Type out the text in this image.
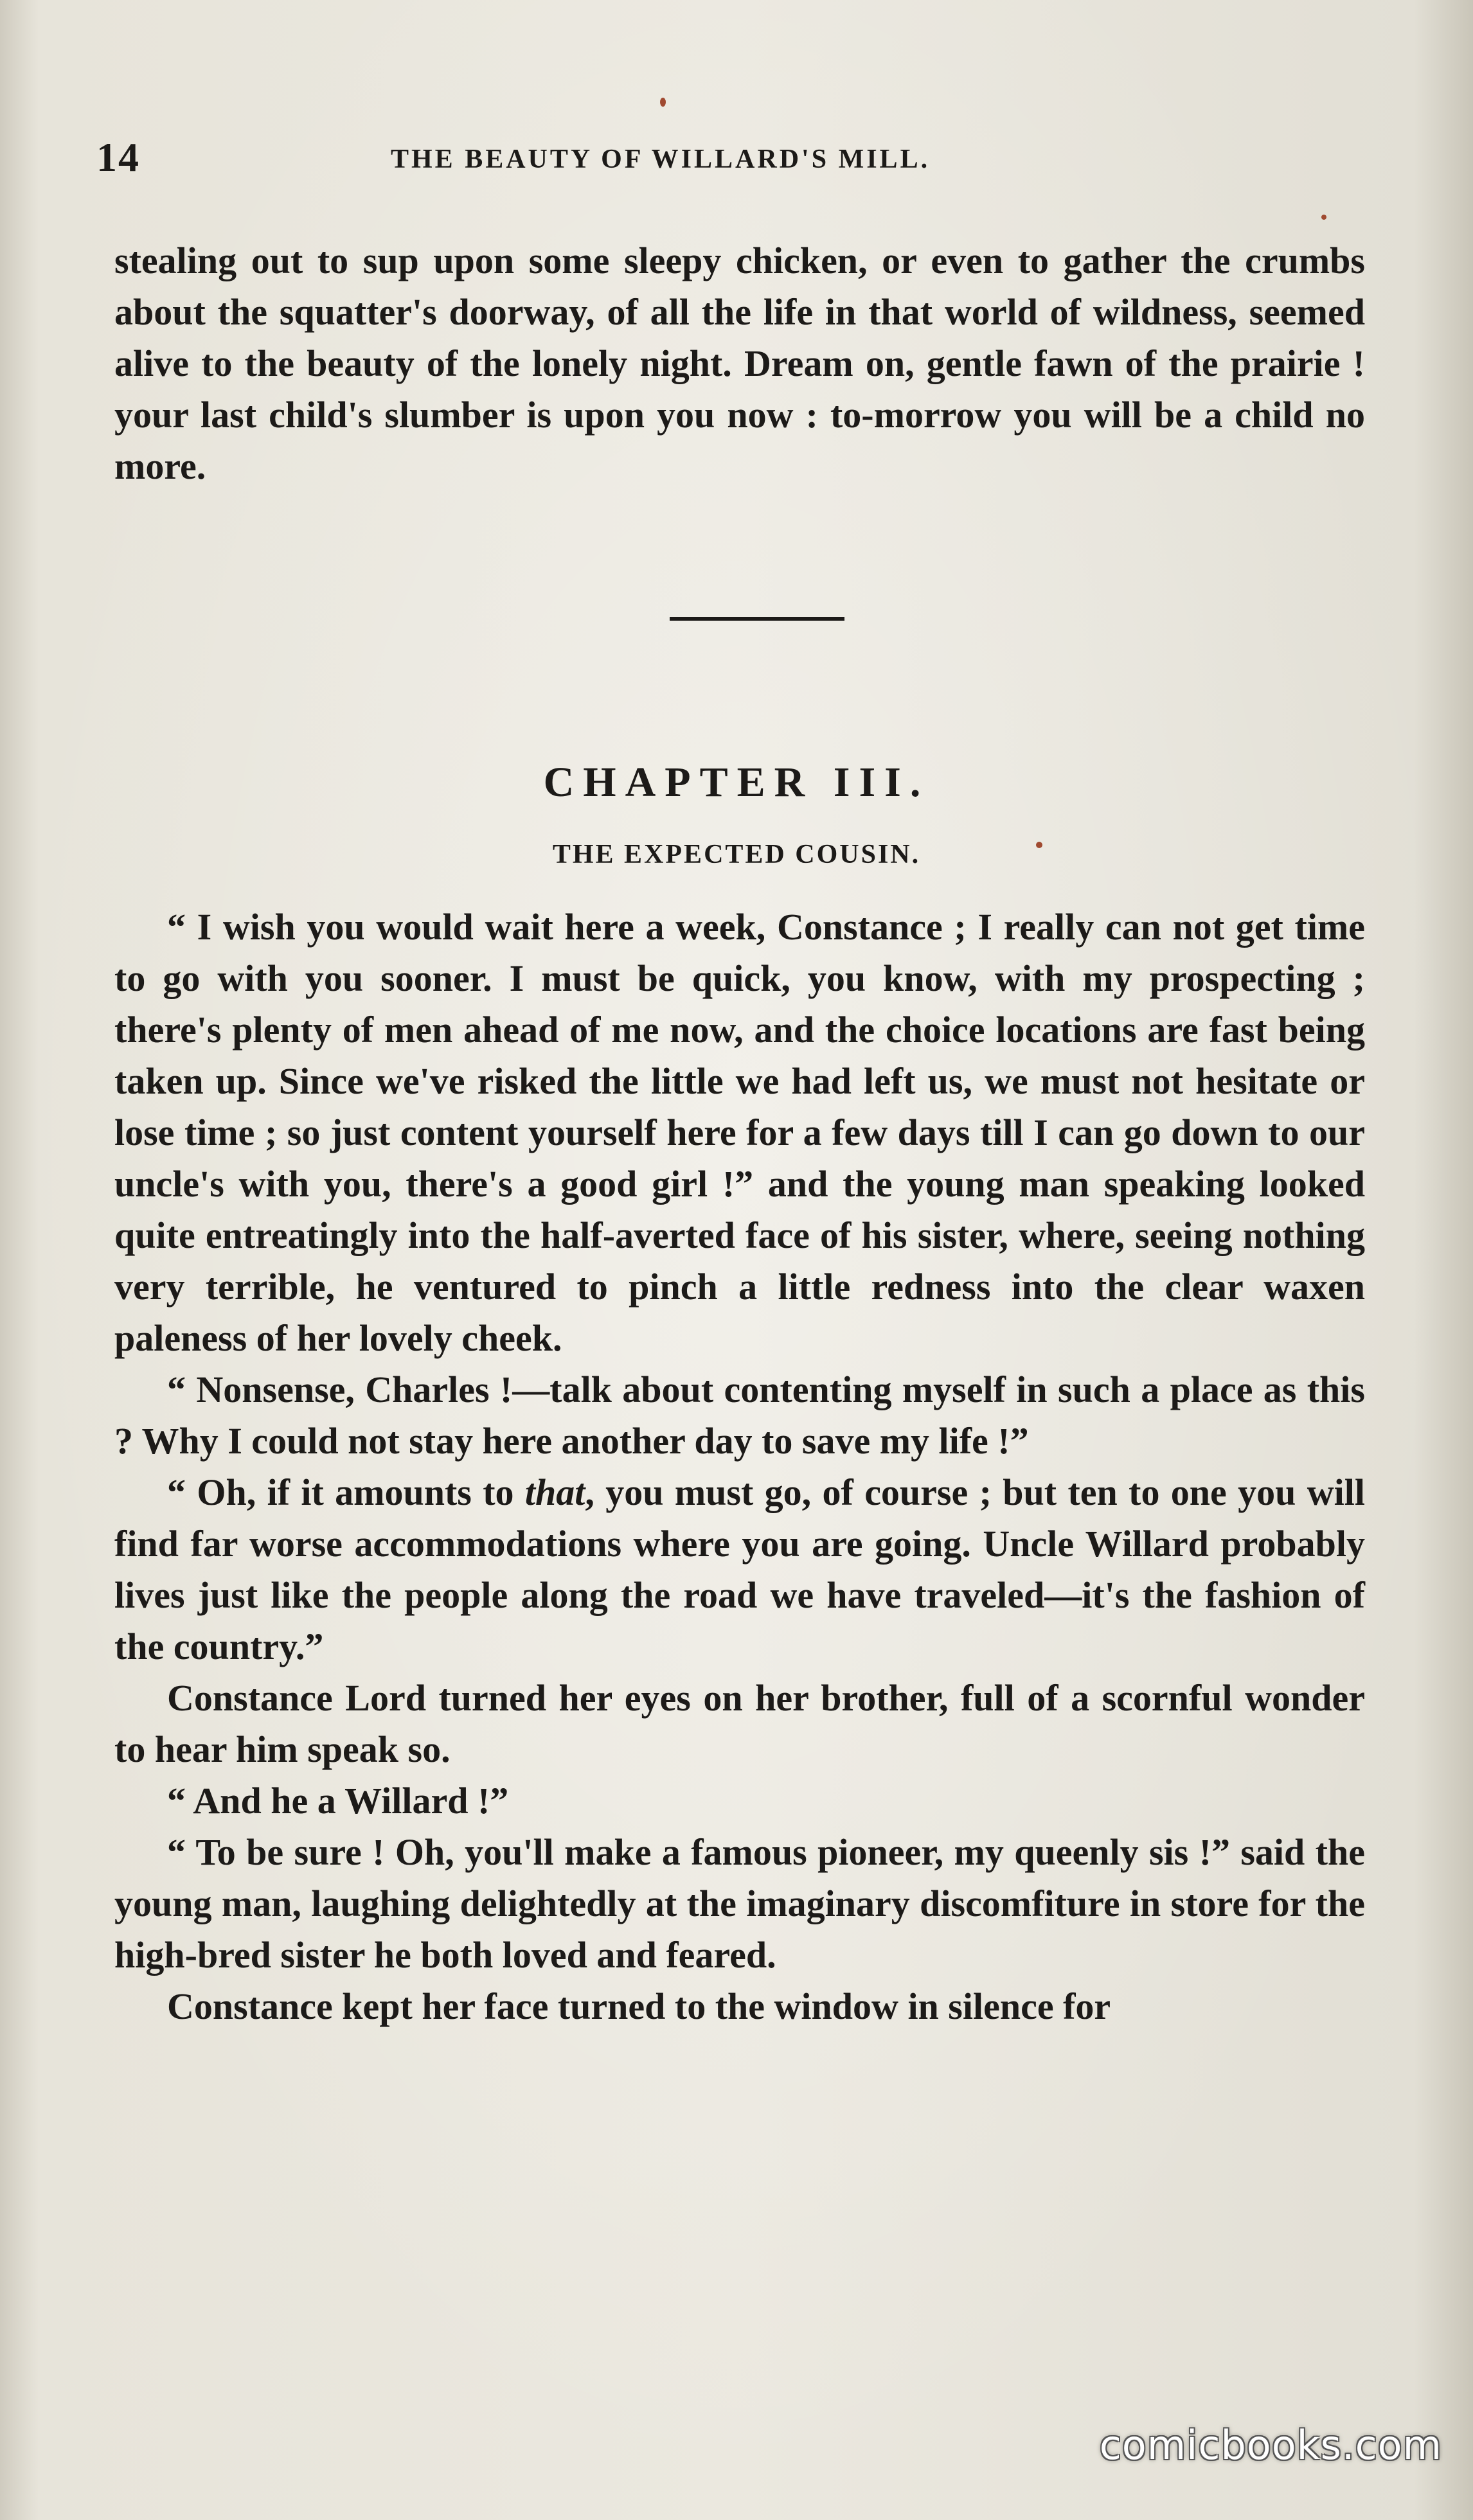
14	THE BEAUTY OF WILLARD'S MILL.

stealing out to sup upon some sleepy chicken, or even to gather the crumbs about the squatter's doorway, of all the life in that world of wildness, seemed alive to the beauty of the lonely night. Dream on, gentle fawn of the prairie ! your last child's slumber is upon you now : to-morrow you will be a child no more.

CHAPTER III.
THE EXPECTED COUSIN.

“ I wish you would wait here a week, Constance ; I really can not get time to go with you sooner. I must be quick, you know, with my prospecting ; there's plenty of men ahead of me now, and the choice locations are fast being taken up. Since we've risked the little we had left us, we must not hesitate or lose time ; so just content yourself here for a few days till I can go down to our uncle's with you, there's a good girl !” and the young man speaking looked quite entreatingly into the half-averted face of his sister, where, seeing nothing very terrible, he ventured to pinch a little redness into the clear waxen paleness of her lovely cheek.

“ Nonsense, Charles !—talk about contenting myself in such a place as this ? Why I could not stay here another day to save my life !”

“ Oh, if it amounts to that, you must go, of course ; but ten to one you will find far worse accommodations where you are going. Uncle Willard probably lives just like the people along the road we have traveled—it's the fashion of the country.”

Constance Lord turned her eyes on her brother, full of a scornful wonder to hear him speak so.

“ And he a Willard !”

“ To be sure ! Oh, you'll make a famous pioneer, my queenly sis !” said the young man, laughing delightedly at the imaginary discomfiture in store for the high-bred sister he both loved and feared.

Constance kept her face turned to the window in silence for

comicbooks.com
